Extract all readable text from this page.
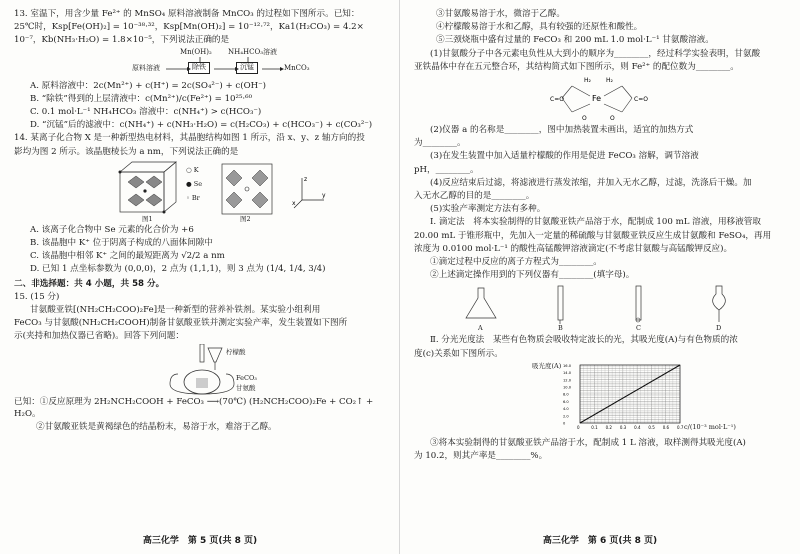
13. 室温下，用含少量 Fe²⁺ 的 MnSO₄ 原料溶液制备 MnCO₃ 的过程如下图所示。已知：

25℃时，Ksp[Fe(OH)₂] = 10⁻³⁸·³²，Ksp[Mn(OH)₂] = 10⁻¹²·⁷²，Ka1(H₂CO₃) = 4.2×

10⁻⁷，Kb(NH₃·H₂O) = 1.8×10⁻⁵，下列说法正确的是

Mn(OH)₂ NH₄HCO₃溶液
原料溶液	除铁	沉锰	MnCO₃

A. 原料溶液中：2c(Mn²⁺) + c(H⁺) = 2c(SO₄²⁻) + c(OH⁻)

B. “除铁”得到的上层清液中：c(Mn²⁺)/c(Fe²⁺) = 10²⁵·⁶⁰

C. 0.1 mol·L⁻¹ NH₄HCO₃ 溶液中：c(NH₄⁺) > c(HCO₃⁻)

D. “沉锰”后的滤液中：c(NH₄⁺) + c(NH₃·H₂O) = c(H₂CO₃) + c(HCO₃⁻) + c(CO₃²⁻)

14. 某离子化合物 X 是一种新型热电材料，其晶胞结构如图 1 所示，沿 x、y、z 轴方向的投

影均为图 2 所示。该晶胞棱长为 a nm，下列说法正确的是

图1
○ K
● Se
◦ Br
图2
z
y
x

A. 该离子化合物中 Se 元素的化合价为 +6

B. 该晶胞中 K⁺ 位于阴离子构成的八面体间隙中

C. 该晶胞中相邻 K⁺ 之间的最短距离为 √2/2 a nm

D. 已知 1 点坐标参数为 (0,0,0)，2 点为 (1,1,1)，则 3 点为 (1/4, 1/4, 3/4)

二、非选择题：共 4 小题，共 58 分。

15. (15 分)

甘氨酸亚铁[(NH₂CH₂COO)₂Fe]是一种新型的营养补铁剂。某实验小组利用

FeCO₃ 与甘氨酸(NH₂CH₂COOH)制备甘氨酸亚铁并测定实验产率，发生装置如下图所

示(夹持和加热仪器已省略)。回答下列问题：

柠檬酸
FeCO₃
甘氨酸

已知：①反应原理为 2H₂NCH₂COOH + FeCO₃ ⟶(70℃) (H₂NCH₂COO)₂Fe + CO₂↑ + H₂O。

②甘氨酸亚铁是黄褐绿色的结晶粉末，易溶于水，难溶于乙醇。

高三化学　第 5 页(共 8 页)

③甘氨酸易溶于水，微溶于乙醇。

④柠檬酸易溶于水和乙醇，具有较强的还原性和酸性。

⑤三颈烧瓶中盛有过量的 FeCO₃ 和 200 mL 1.0 mol·L⁻¹ 甘氨酸溶液。

(1)甘氨酸分子中各元素电负性从大到小的顺序为________，经过科学实验表明，甘氨酸

亚铁晶体中存在五元整合环，其结构简式如下图所示，则 Fe²⁺ 的配位数为________。

Fe
H₂	H₂
O	O
C=O	C=O

(2)仪器 a 的名称是________，图中加热装置未画出，适宜的加热方式

为________。

(3)在发生装置中加入适量柠檬酸的作用是促进 FeCO₃ 溶解，调节溶液

pH，________。

(4)反应结束后过滤，将滤液进行蒸发浓缩，并加入无水乙醇，过滤，洗涤后干燥。加

入无水乙醇的目的是________。

(5)实验产率测定方法有多种。

Ⅰ. 滴定法　将本实验制得的甘氨酸亚铁产品溶于水，配制成 100 mL 溶液，用移液管取

20.00 mL 于锥形瓶中，先加入一定量的稀硫酸与甘氨酸亚铁反应生成甘氨酸和 FeSO₄，再用

浓度为 0.0100 mol·L⁻¹ 的酸性高锰酸钾溶液滴定(不考虑甘氨酸与高锰酸钾反应)。

①滴定过程中反应的离子方程式为________。

②上述滴定操作用到的下列仪器有________(填字母)。

A	B	C	D

Ⅱ. 分光光度法　某些有色物质会吸收特定波长的光，其吸光度(A)与有色物质的浓

度(c)关系如下图所示。

吸光度(A)
0	0.1 0.2 0.3 0.4 0.5 0.6 0.7
0
2.0
4.0
6.0
8.0
10.0
12.0
14.0
16.0
c/(10⁻³ mol·L⁻¹)

③将本实验制得的甘氨酸亚铁产品溶于水，配制成 1 L 溶液，取样测得其吸光度(A)

为 10.2，则其产率是________%。

高三化学　第 6 页(共 8 页)
